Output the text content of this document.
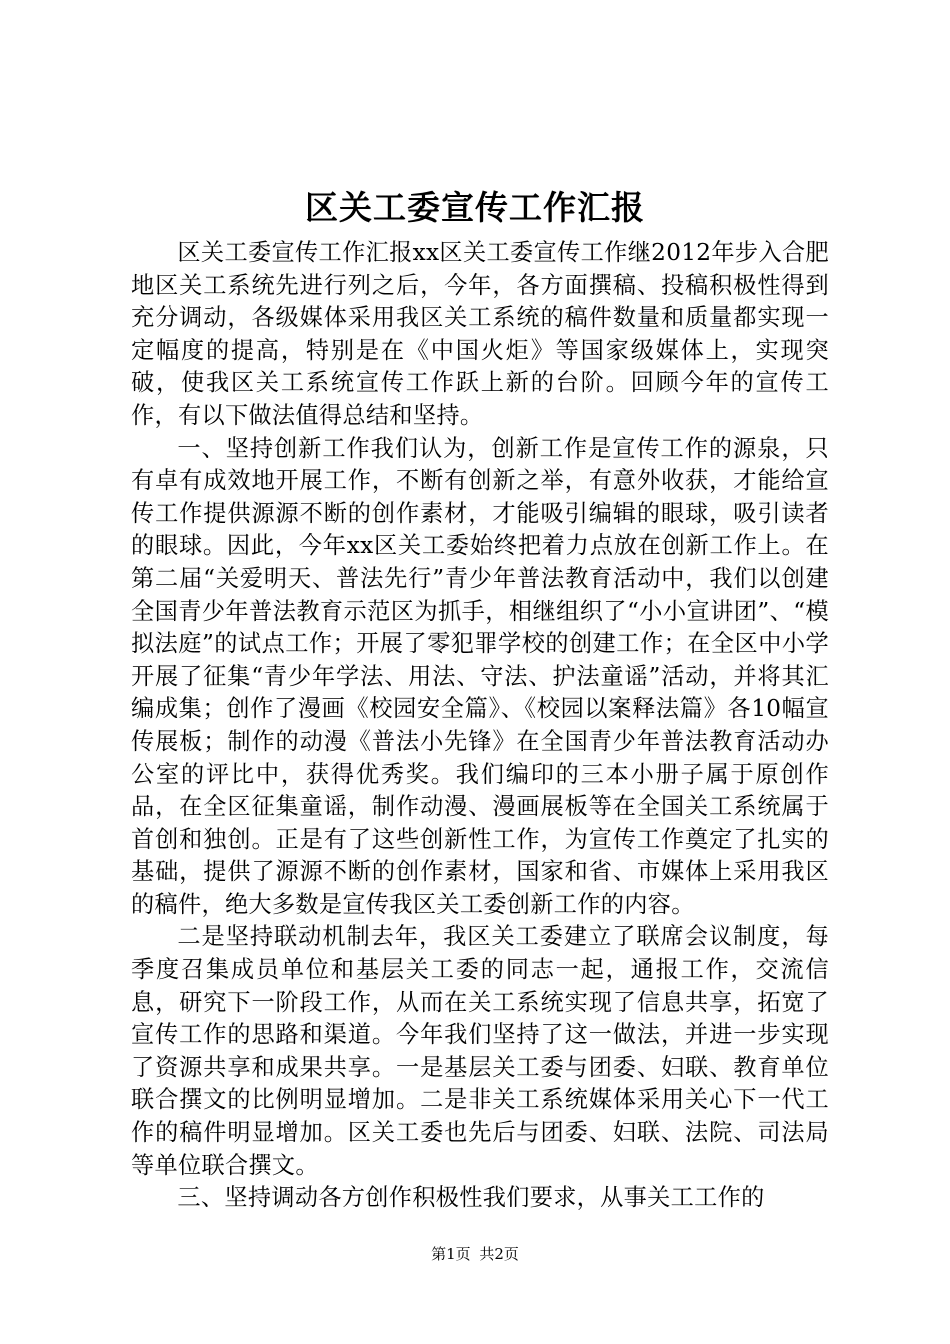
区关工委宣传工作汇报

区关工委宣传工作汇报xx区关工委宣传工作继2012年步入合肥地区关工系统先进行列之后，今年，各方面撰稿、投稿积极性得到充分调动，各级媒体采用我区关工系统的稿件数量和质量都实现一定幅度的提高，特别是在《中国火炬》等国家级媒体上，实现突破，使我区关工系统宣传工作跃上新的台阶。回顾今年的宣传工作，有以下做法值得总结和坚持。

一、坚持创新工作我们认为，创新工作是宣传工作的源泉，只有卓有成效地开展工作，不断有创新之举，有意外收获，才能给宣传工作提供源源不断的创作素材，才能吸引编辑的眼球，吸引读者的眼球。因此，今年xx区关工委始终把着力点放在创新工作上。在第二届“关爱明天、普法先行”青少年普法教育活动中，我们以创建全国青少年普法教育示范区为抓手，相继组织了“小小宣讲团”、“模拟法庭”的试点工作；开展了零犯罪学校的创建工作；在全区中小学开展了征集“青少年学法、用法、守法、护法童谣”活动，并将其汇编成集；创作了漫画《校园安全篇》、《校园以案释法篇》各10幅宣传展板；制作的动漫《普法小先锋》在全国青少年普法教育活动办公室的评比中，获得优秀奖。我们编印的三本小册子属于原创作品，在全区征集童谣，制作动漫、漫画展板等在全国关工系统属于首创和独创。正是有了这些创新性工作，为宣传工作奠定了扎实的基础，提供了源源不断的创作素材，国家和省、市媒体上采用我区的稿件，绝大多数是宣传我区关工委创新工作的内容。

二是坚持联动机制去年，我区关工委建立了联席会议制度，每季度召集成员单位和基层关工委的同志一起，通报工作，交流信息，研究下一阶段工作，从而在关工系统实现了信息共享，拓宽了宣传工作的思路和渠道。今年我们坚持了这一做法，并进一步实现了资源共享和成果共享。一是基层关工委与团委、妇联、教育单位联合撰文的比例明显增加。二是非关工系统媒体采用关心下一代工作的稿件明显增加。区关工委也先后与团委、妇联、法院、司法局等单位联合撰文。

三、坚持调动各方创作积极性我们要求，从事关工工作的

第1页 共2页
